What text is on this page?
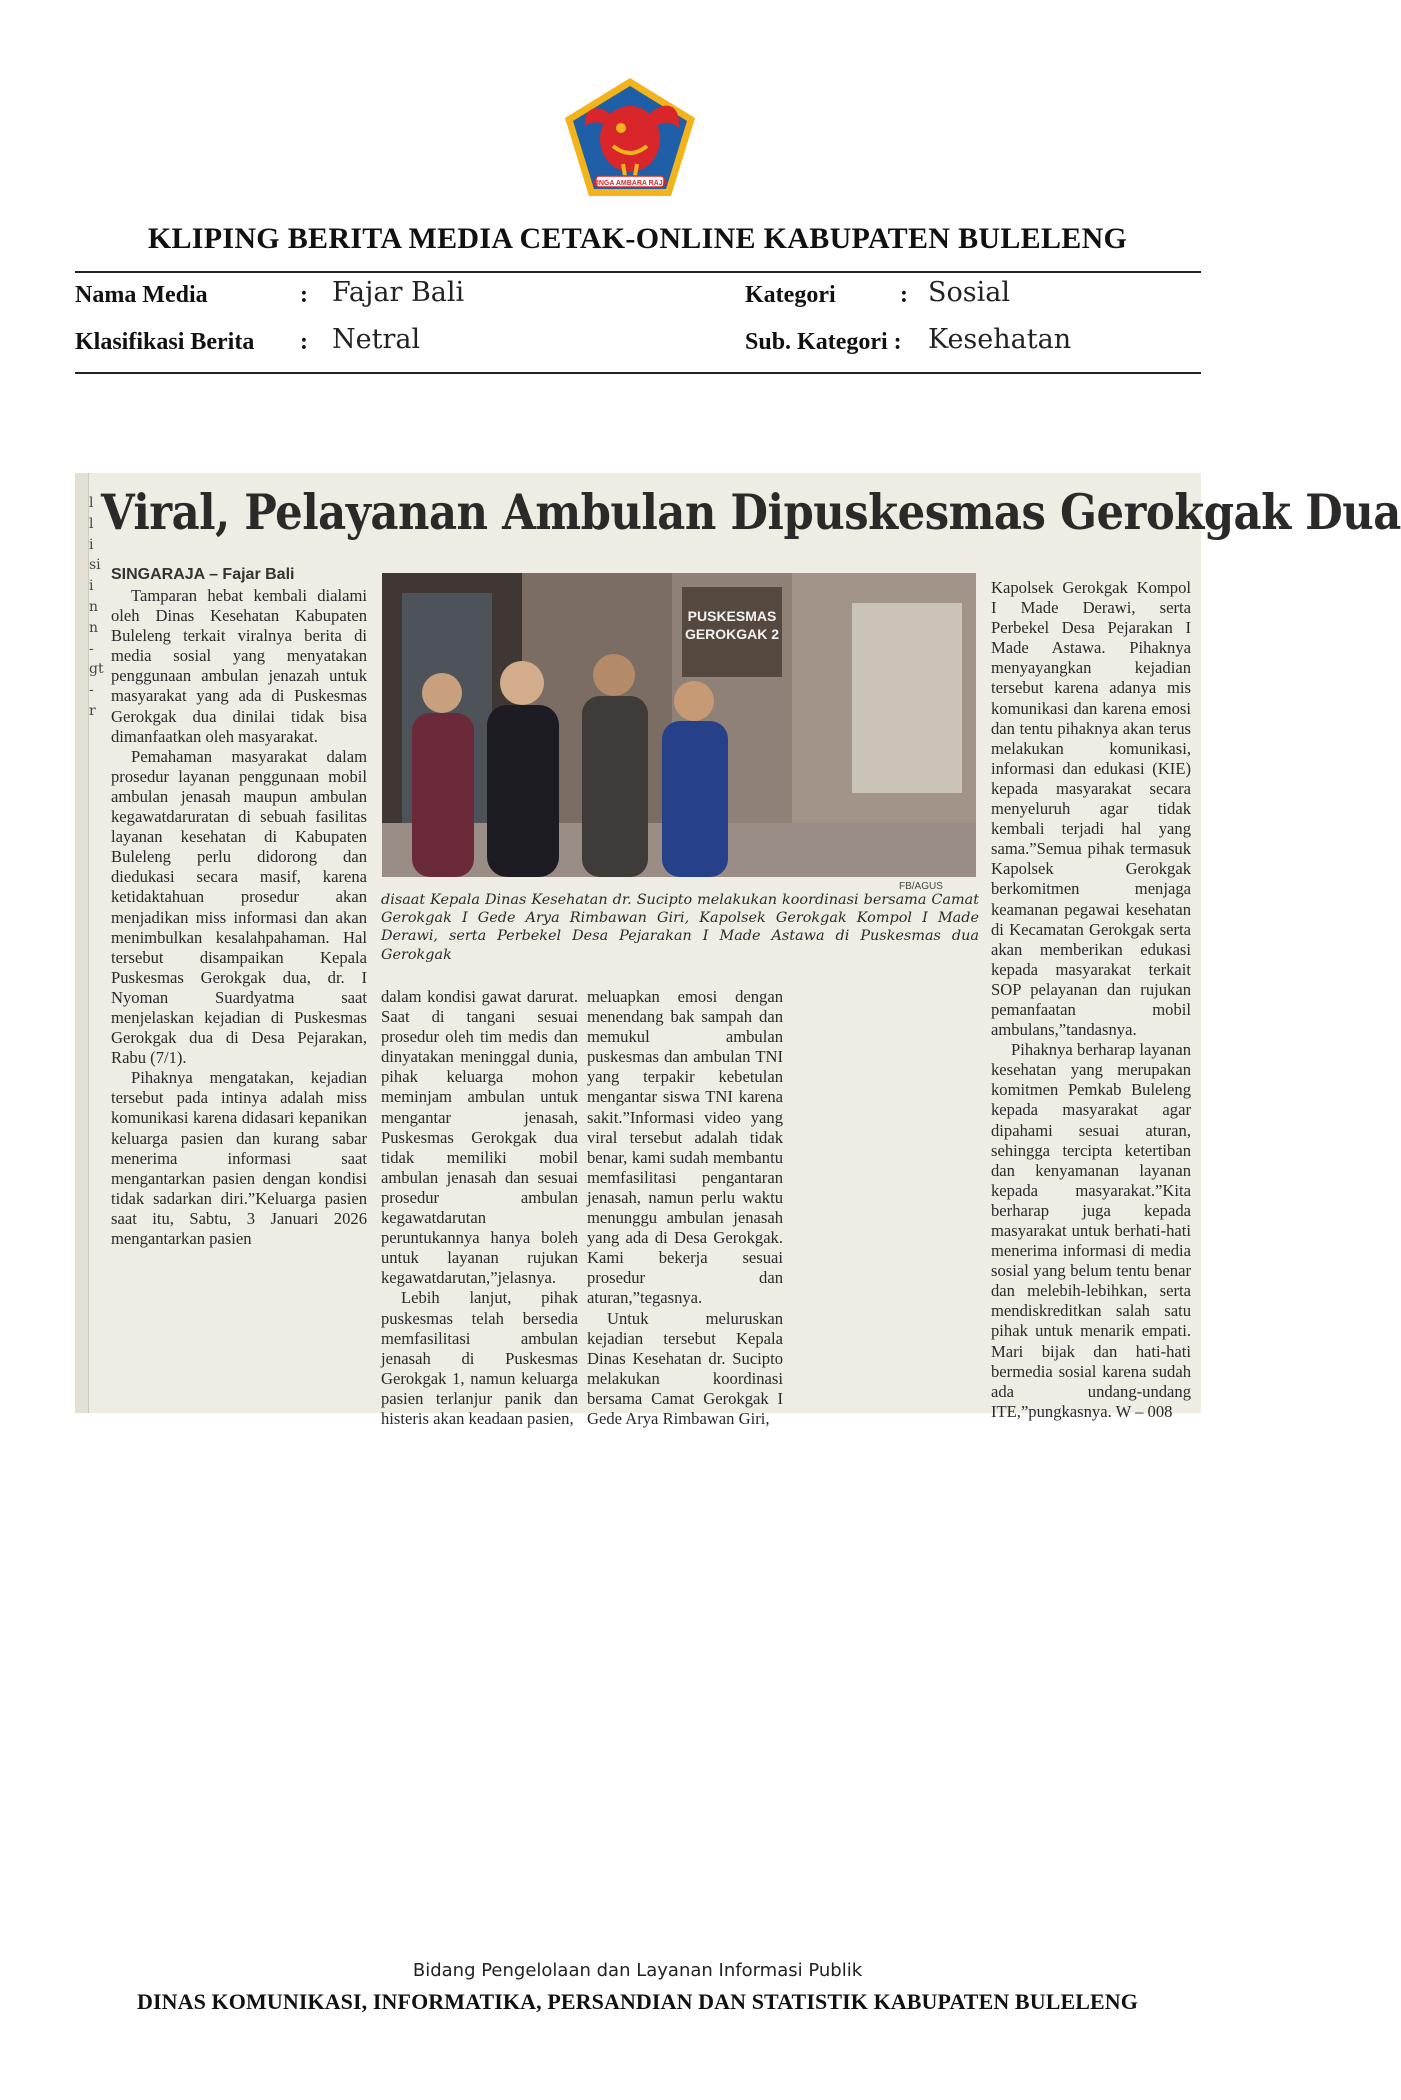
SINGA AMBARA RAJA
KLIPING BERITA MEDIA CETAK-ONLINE KABUPATEN BULELENG
Nama Media	: Fajar Bali	Kategori	: Sosial
Klasifikasi Berita : Netral	Sub. Kategori : Kesehatan
l
l
i
si
i
n
n
-
gt
-
r
Viral, Pelayanan Ambulan Dipuskesmas Gerokgak Dua
SINGARAJA – Fajar Bali

Tamparan hebat kembali dialami oleh Dinas Kesehatan Kabupaten Buleleng terkait viralnya berita di media sosial yang menyatakan penggunaan ambulan jenazah untuk masyarakat yang ada di Puskesmas Gerokgak dua dinilai tidak bisa dimanfaatkan oleh masyarakat.

Pemahaman masyarakat dalam prosedur layanan penggunaan mobil ambulan jenasah maupun ambulan kegawatdaruratan di sebuah fasilitas layanan kesehatan di Kabupaten Buleleng perlu didorong dan diedukasi secara masif, karena ketidaktahuan prosedur akan menjadikan miss informasi dan akan menimbulkan kesalahpahaman. Hal tersebut disampaikan Kepala Puskesmas Gerokgak dua, dr. I Nyoman Suardyatma saat menjelaskan kejadian di Puskesmas Gerokgak dua di Desa Pejarakan, Rabu (7/1).

Pihaknya mengatakan, kejadian tersebut pada intinya adalah miss komunikasi karena didasari kepanikan keluarga pasien dan kurang sabar menerima informasi saat mengantarkan pasien dengan kondisi tidak sadarkan diri.”Keluarga pasien saat itu, Sabtu, 3 Januari 2026 mengantarkan pasien

PUSKESMAS
GEROKGAK 2
FB/AGUS
disaat Kepala Dinas Kesehatan dr. Sucipto melakukan koordinasi bersama Camat Gerokgak I Gede Arya Rimbawan Giri, Kapolsek Gerokgak Kompol I Made Derawi, serta Perbekel Desa Pejarakan I Made Astawa di Puskesmas dua Gerokgak

dalam kondisi gawat darurat. Saat di tangani sesuai prosedur oleh tim medis dan dinyatakan meninggal dunia, pihak keluarga mohon meminjam ambulan untuk mengantar jenasah, Puskesmas Gerokgak dua tidak memiliki mobil ambulan jenasah dan sesuai prosedur ambulan kegawatdarutan peruntukannya hanya boleh untuk layanan rujukan kegawatdarutan,”jelasnya.

Lebih lanjut, pihak puskesmas telah bersedia memfasilitasi ambulan jenasah di Puskesmas Gerokgak 1, namun keluarga pasien terlanjur panik dan histeris akan keadaan pasien,

meluapkan emosi dengan menendang bak sampah dan memukul ambulan puskesmas dan ambulan TNI yang terpakir kebetulan mengantar siswa TNI karena sakit.”Informasi video yang viral tersebut adalah tidak benar, kami sudah membantu memfasilitasi pengantaran jenasah, namun perlu waktu menunggu ambulan jenasah yang ada di Desa Gerokgak. Kami bekerja sesuai prosedur dan aturan,”tegasnya.

Untuk meluruskan kejadian tersebut Kepala Dinas Kesehatan dr. Sucipto melakukan koordinasi bersama Camat Gerokgak I Gede Arya Rimbawan Giri,

Kapolsek Gerokgak Kompol I Made Derawi, serta Perbekel Desa Pejarakan I Made Astawa. Pihaknya menyayangkan kejadian tersebut karena adanya mis komunikasi dan karena emosi dan tentu pihaknya akan terus melakukan komunikasi, informasi dan edukasi (KIE) kepada masyarakat secara menyeluruh agar tidak kembali terjadi hal yang sama.”Semua pihak termasuk Kapolsek Gerokgak berkomitmen menjaga keamanan pegawai kesehatan di Kecamatan Gerokgak serta akan memberikan edukasi kepada masyarakat terkait SOP pelayanan dan rujukan pemanfaatan mobil ambulans,”tandasnya.

Pihaknya berharap layanan kesehatan yang merupakan komitmen Pemkab Buleleng kepada masyarakat agar dipahami sesuai aturan, sehingga tercipta ketertiban dan kenyamanan layanan kepada masyarakat.”Kita berharap juga kepada masyarakat untuk berhati-hati menerima informasi di media sosial yang belum tentu benar dan melebih-lebihkan, serta mendiskreditkan salah satu pihak untuk menarik empati. Mari bijak dan hati-hati bermedia sosial karena sudah ada undang-undang ITE,”pungkasnya. W – 008

Bidang Pengelolaan dan Layanan Informasi Publik
DINAS KOMUNIKASI, INFORMATIKA, PERSANDIAN DAN STATISTIK KABUPATEN BULELENG
